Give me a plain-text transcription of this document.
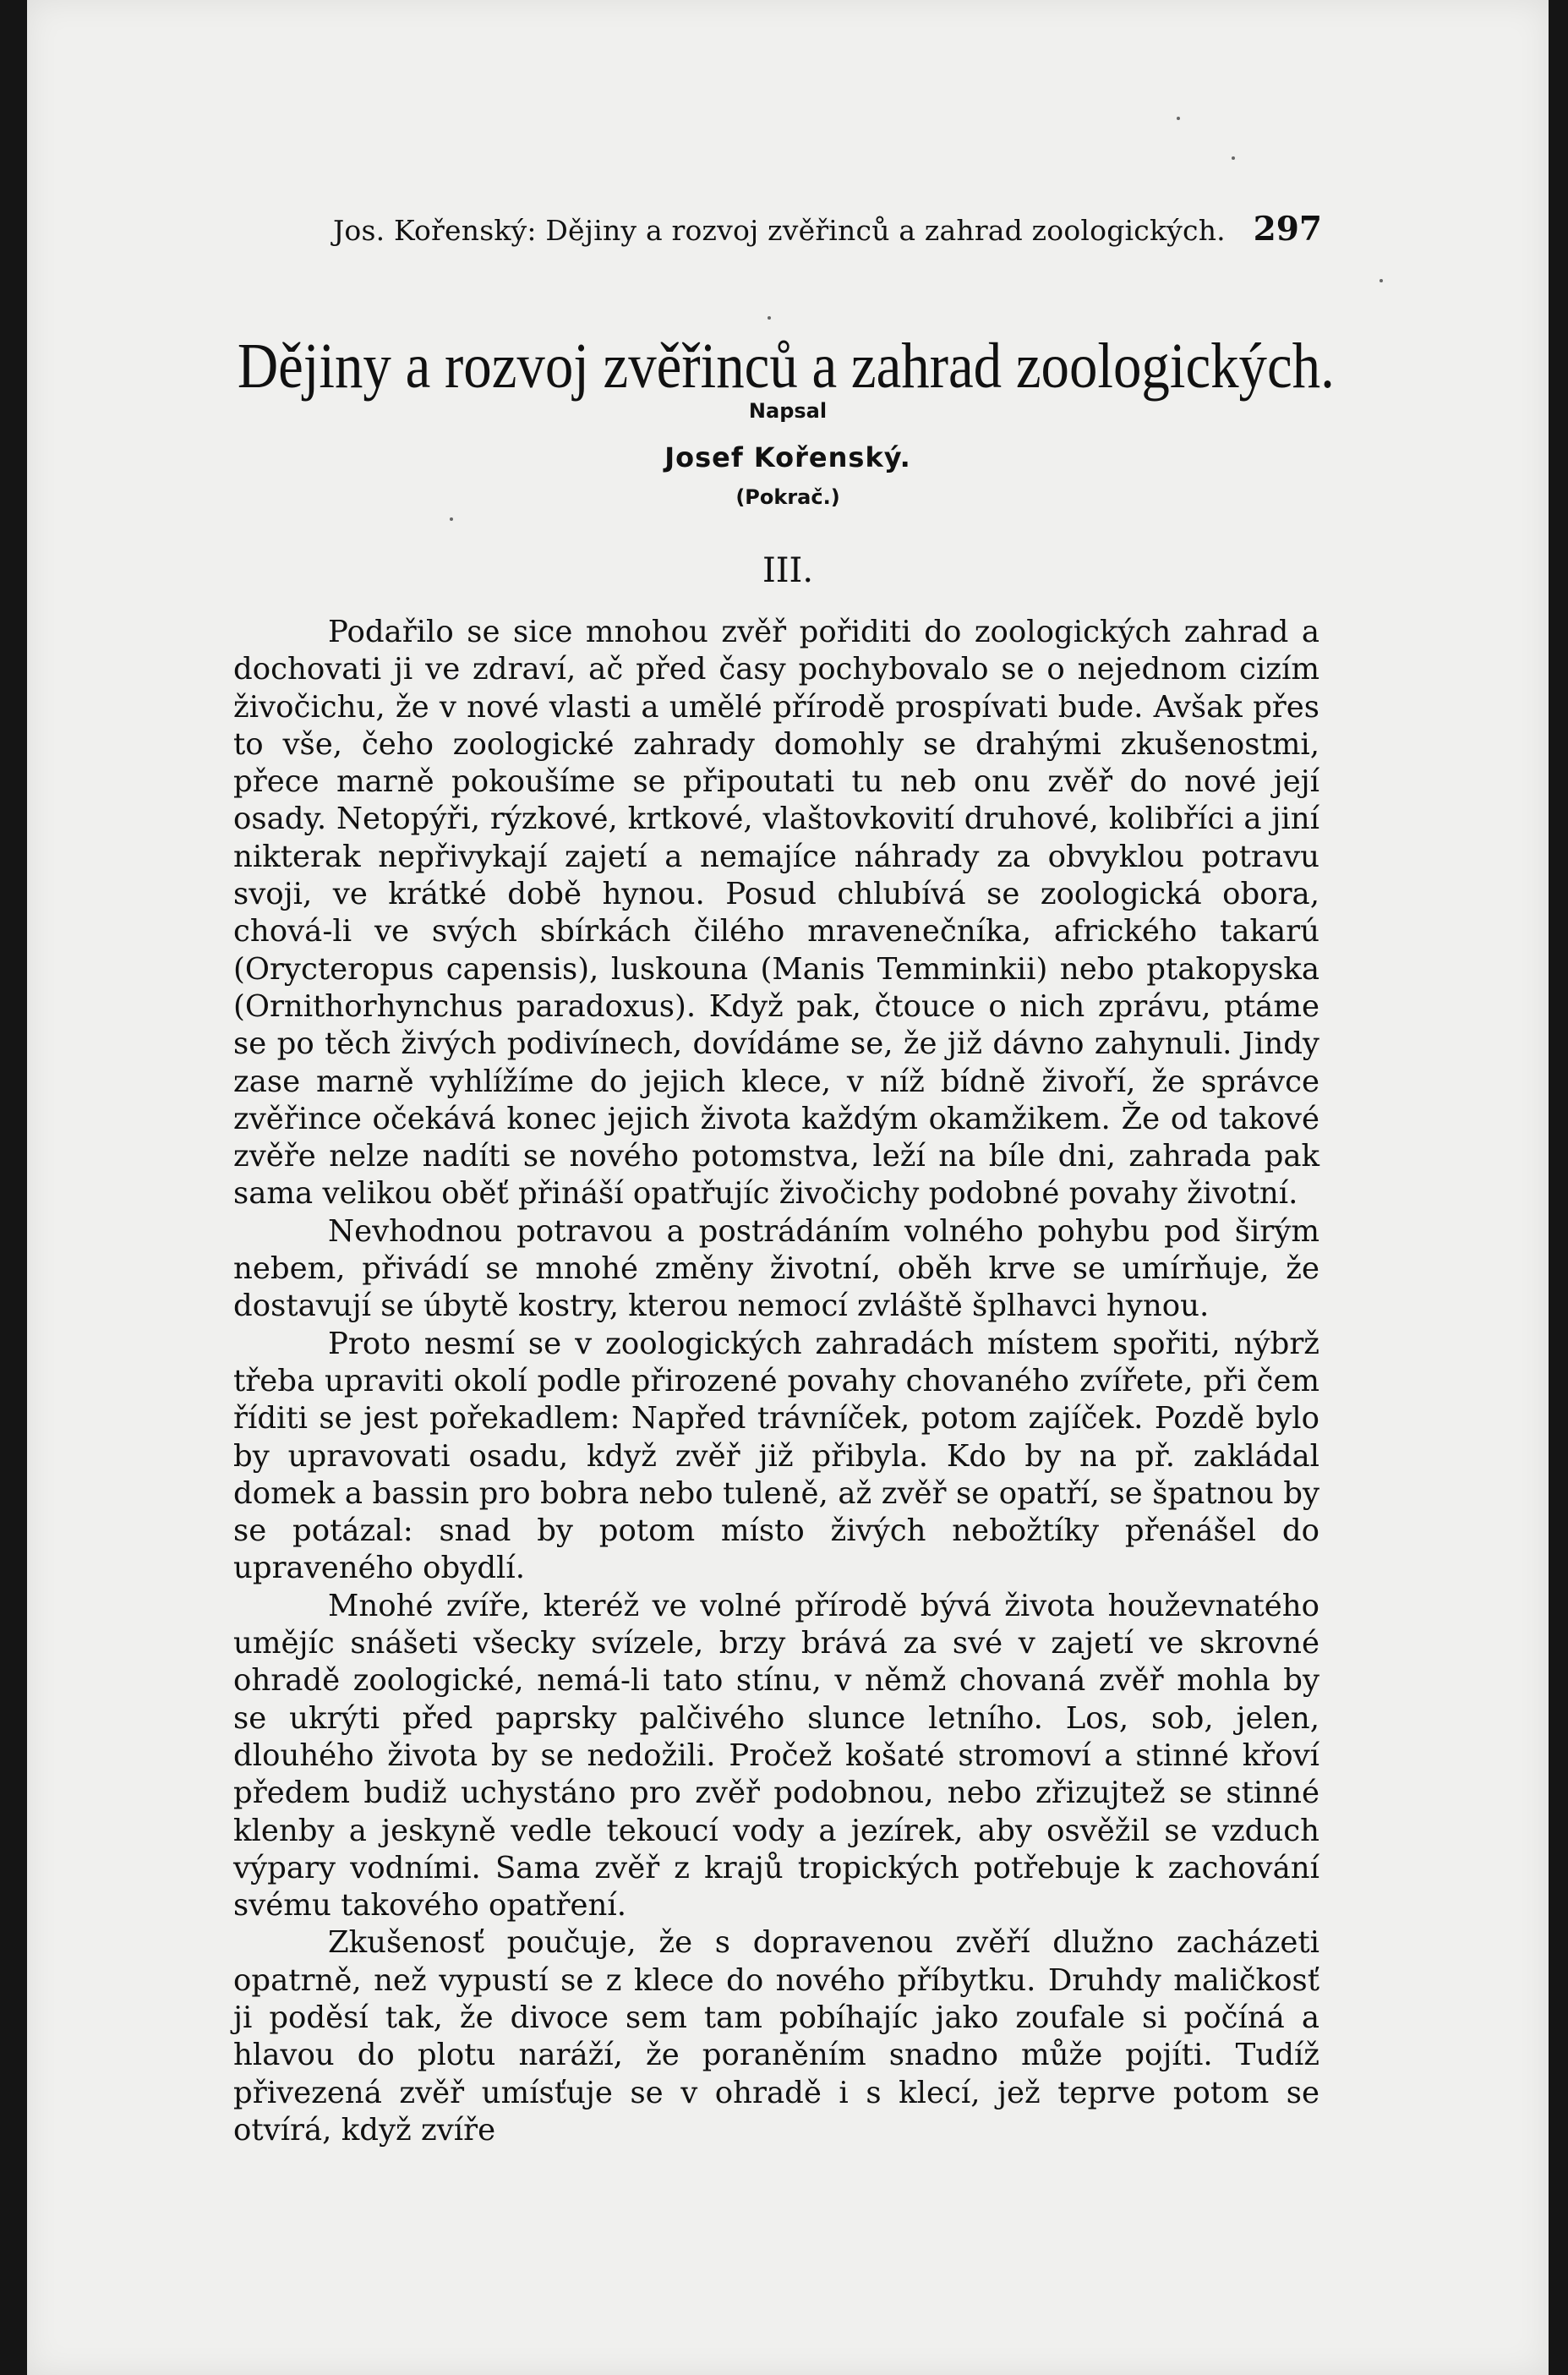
Jos. Kořenský: Dějiny a rozvoj zvěřinců a zahrad zoologických. 297
Dějiny a rozvoj zvěřinců a zahrad zoologických.
Napsal
Josef Kořenský.
(Pokrač.)
III.

Podařilo se sice mnohou zvěř pořiditi do zoologických zahrad a dochovati ji ve zdraví, ač před časy pochybovalo se o nejednom cizím živočichu, že v nové vlasti a umělé přírodě prospívati bude. Avšak přes to vše, čeho zoologické zahrady domohly se drahými zkušenostmi, přece marně pokoušíme se připoutati tu neb onu zvěř do nové její osady. Netopýři, rýzkové, krtkové, vlaštovkovití druhové, kolibříci a jiní nikterak nepřivykají zajetí a nemajíce náhrady za obvyklou potravu svoji, ve krátké době hynou. Posud chlubívá se zoologická obora, chová-li ve svých sbírkách čilého mravenečníka, afrického takarú (Orycteropus capensis), luskouna (Manis Temminkii) nebo ptakopyska (Ornithorhynchus paradoxus). Když pak, čtouce o nich zprávu, ptáme se po těch živých podivínech, dovídáme se, že již dávno zahynuli. Jindy zase marně vyhlížíme do jejich klece, v níž bídně živoří, že správce zvěřince očekává konec jejich života každým okamžikem. Že od takové zvěře nelze nadíti se nového potomstva, leží na bíle dni, zahrada pak sama velikou oběť přináší opatřujíc živočichy podobné povahy životní.

Nevhodnou potravou a postrádáním volného pohybu pod širým nebem, přivádí se mnohé změny životní, oběh krve se umírňuje, že dostavují se úbytě kostry, kterou nemocí zvláště šplhavci hynou.

Proto nesmí se v zoologických zahradách místem spořiti, nýbrž třeba upraviti okolí podle přirozené povahy chovaného zvířete, při čem říditi se jest pořekadlem: Napřed trávníček, potom zajíček. Pozdě bylo by upravovati osadu, když zvěř již přibyla. Kdo by na př. zakládal domek a bassin pro bobra nebo tuleně, až zvěř se opatří, se špatnou by se potázal: snad by potom místo živých nebožtíky přenášel do upraveného obydlí.

Mnohé zvíře, kteréž ve volné přírodě bývá života houževnatého umějíc snášeti všecky svízele, brzy brává za své v zajetí ve skrovné ohradě zoologické, nemá-li tato stínu, v němž chovaná zvěř mohla by se ukrýti před paprsky palčivého slunce letního. Los, sob, jelen, dlouhého života by se nedožili. Pročež košaté stromoví a stinné křoví předem budiž uchystáno pro zvěř podobnou, nebo zřizujtež se stinné klenby a jeskyně vedle tekoucí vody a jezírek, aby osvěžil se vzduch výpary vodními. Sama zvěř z krajů tropických potřebuje k zachování svému takového opatření.

Zkušenosť poučuje, že s dopravenou zvěří dlužno zacházeti opatrně, než vypustí se z klece do nového příbytku. Druhdy maličkosť ji poděsí tak, že divoce sem tam pobíhajíc jako zoufale si počíná a hlavou do plotu naráží, že poraněním snadno může pojíti. Tudíž přivezená zvěř umísťuje se v ohradě i s klecí, jež teprve potom se otvírá, když zvíře
